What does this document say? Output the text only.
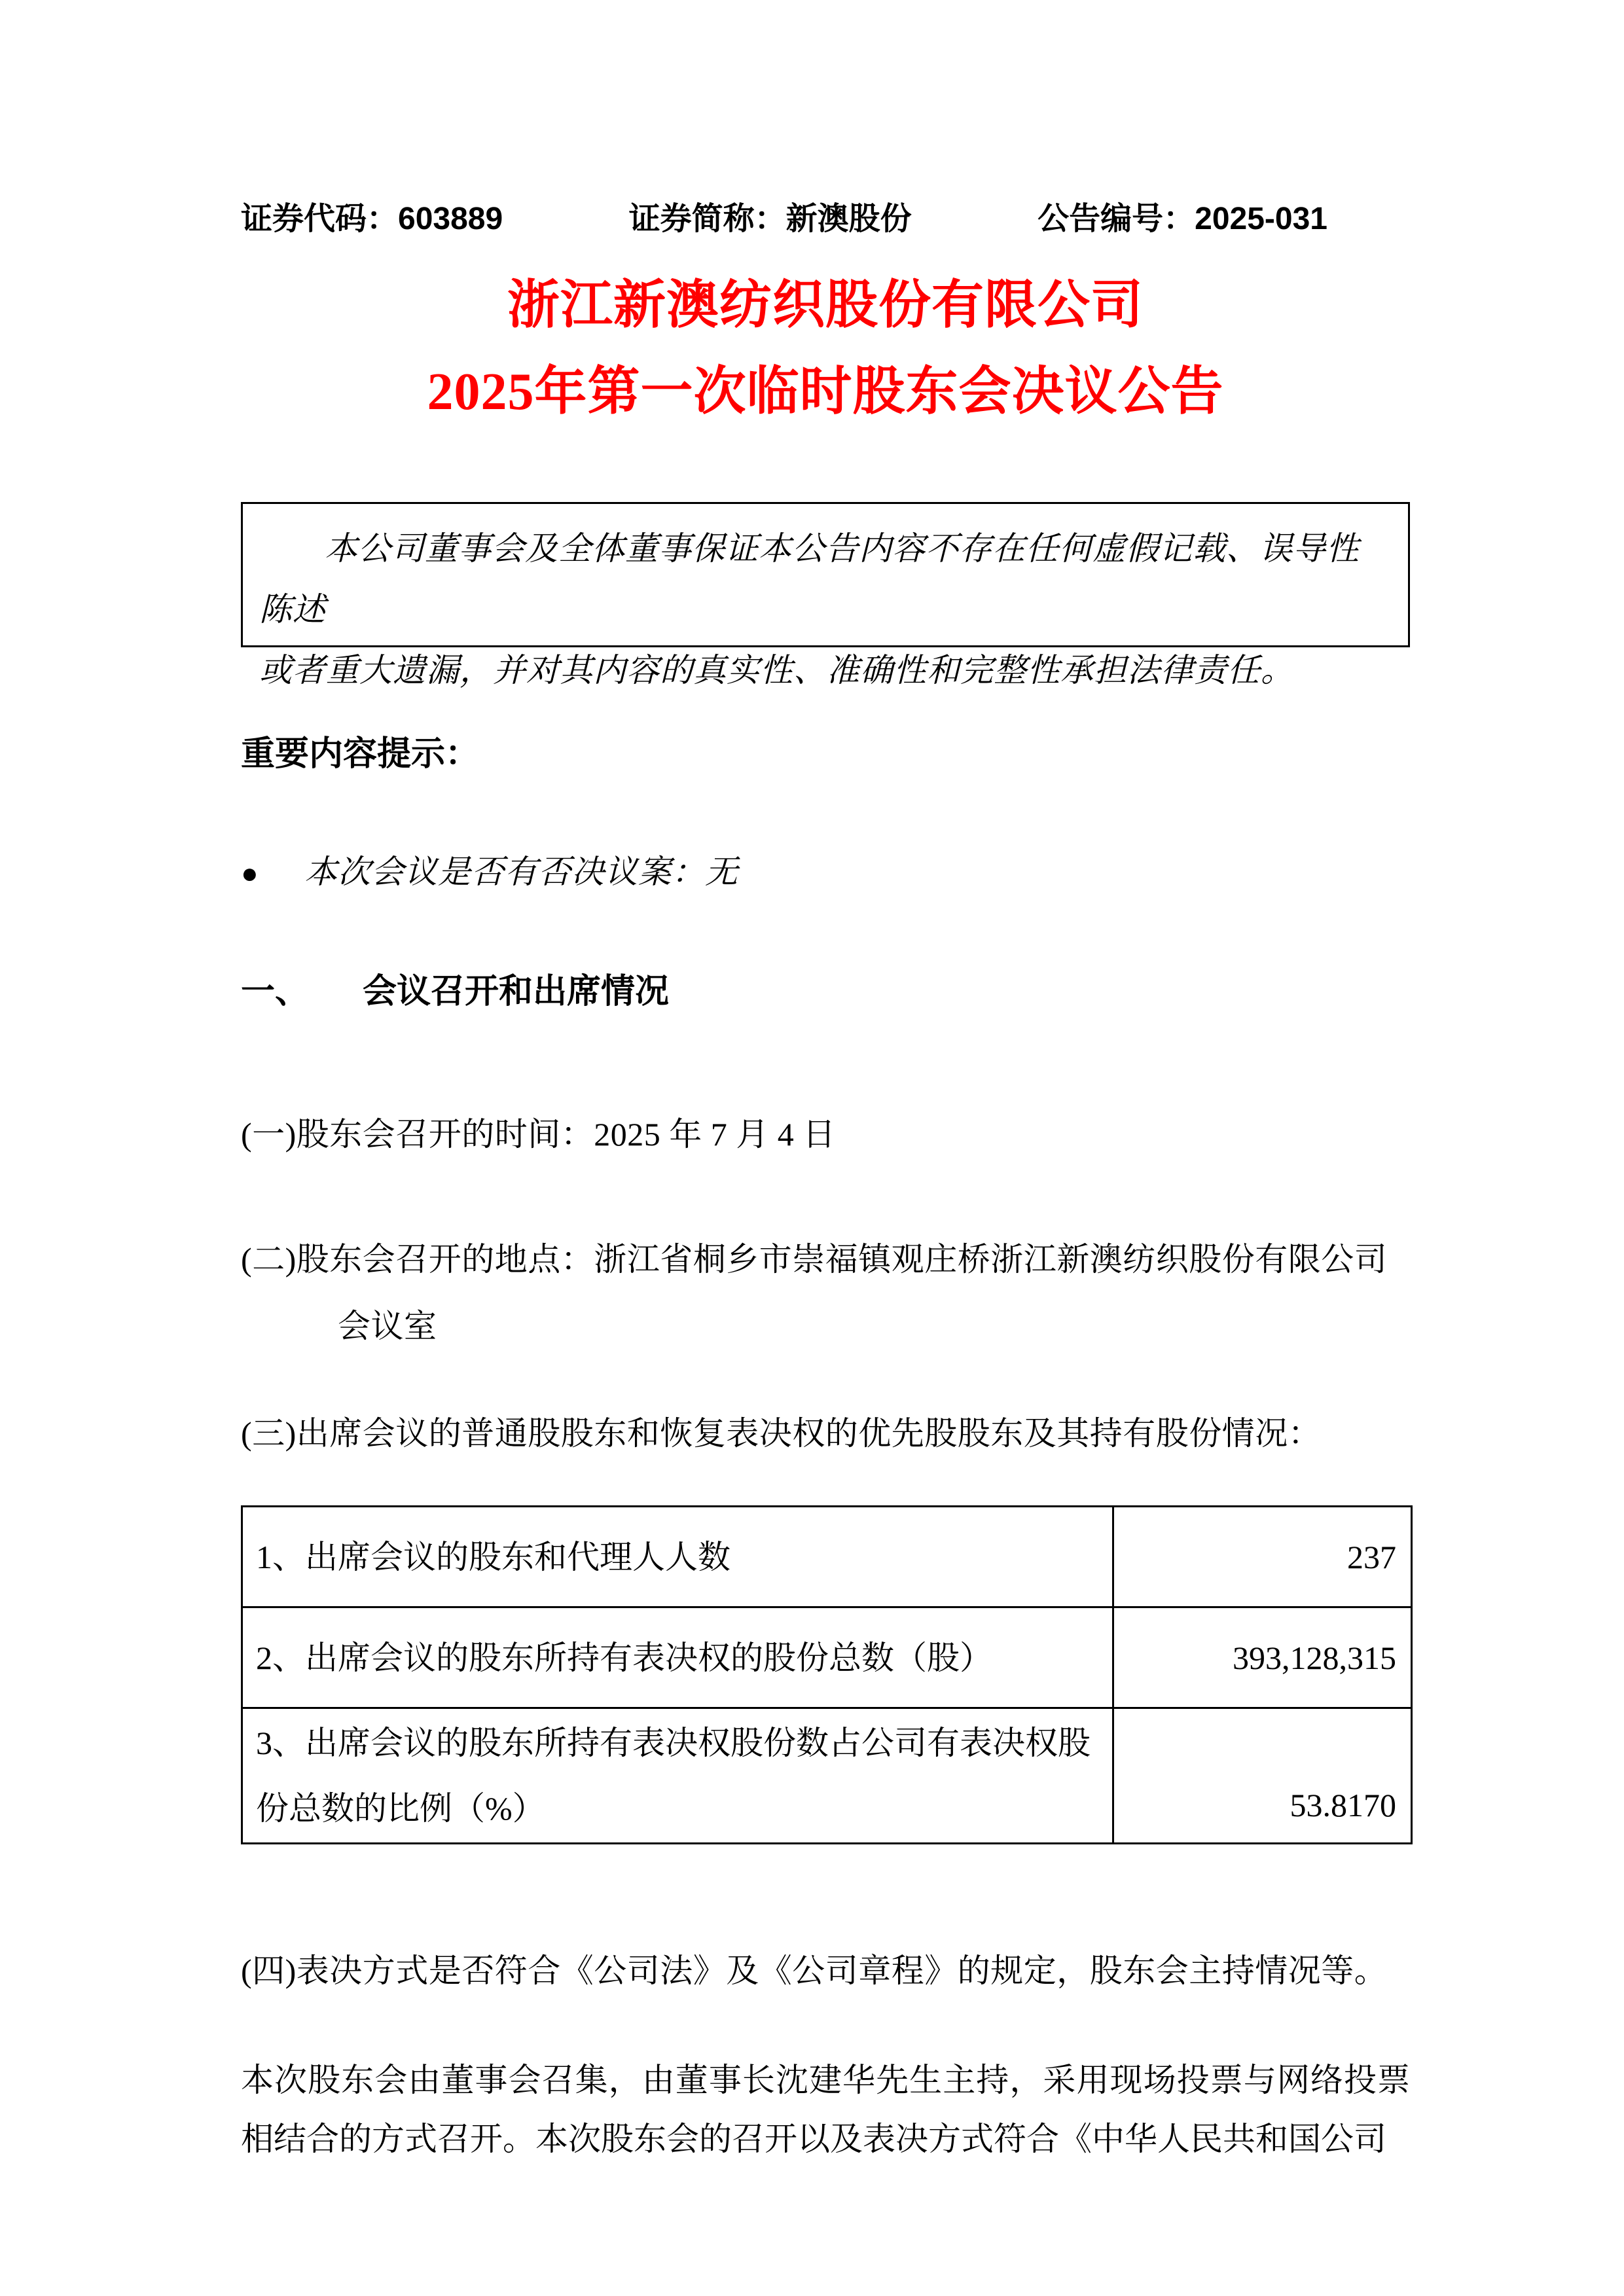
证券代码：603889	证券简称：新澳股份	公告编号：2025-031
浙江新澳纺织股份有限公司
2025年第一次临时股东会决议公告
本公司董事会及全体董事保证本公告内容不存在任何虚假记载、误导性陈述
或者重大遗漏，并对其内容的真实性、准确性和完整性承担法律责任。
重要内容提示：
●	本次会议是否有否决议案：无
一、 会议召开和出席情况
(一)股东会召开的时间：2025 年 7 月 4 日
(二)股东会召开的地点：浙江省桐乡市崇福镇观庄桥浙江新澳纺织股份有限公司
会议室
(三)出席会议的普通股股东和恢复表决权的优先股股东及其持有股份情况：
1、出席会议的股东和代理人人数	237
2、出席会议的股东所持有表决权的股份总数（股）	393,128,315
3、出席会议的股东所持有表决权股份数占公司有表决权股份总数的比例（%）	53.8170
(四)表决方式是否符合《公司法》及《公司章程》的规定，股东会主持情况等。
本次股东会由董事会召集，由董事长沈建华先生主持，采用现场投票与网络投票相结合的方式召开。本次股东会的召开以及表决方式符合《中华人民共和国公司
